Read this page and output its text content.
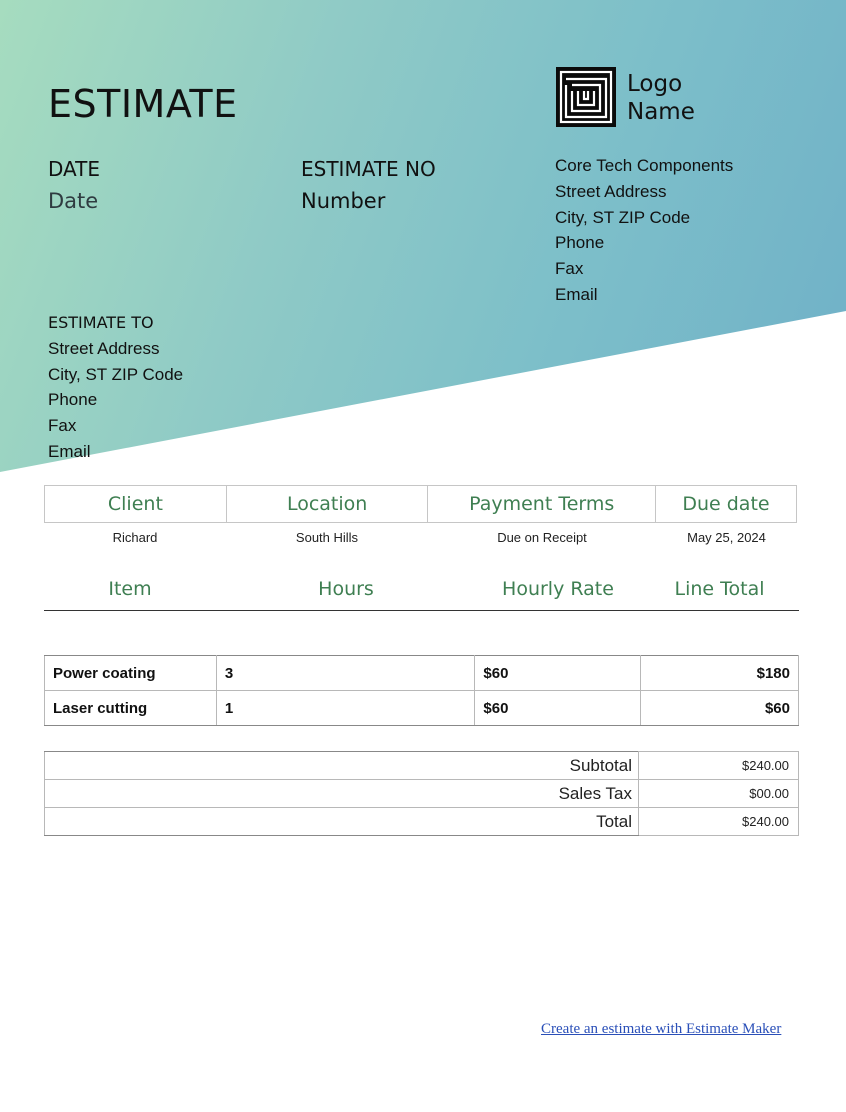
ESTIMATE
DATE
Date
ESTIMATE NO
Number
Logo
Name
Core Tech Components
Street Address
City, ST ZIP Code
Phone
Fax
Email
ESTIMATE TO
Street Address
City, ST ZIP Code
Phone
Fax
Email
Client	Location	Payment Terms	Due date
Richard	South Hills	Due on Receipt	May 25, 2024
Item	Hours	Hourly Rate	Line Total
Power coating	3	$60	$180
Laser cutting	1	$60	$60
Subtotal	$240.00
Sales Tax	$00.00
Total	$240.00
Create an estimate with Estimate Maker
